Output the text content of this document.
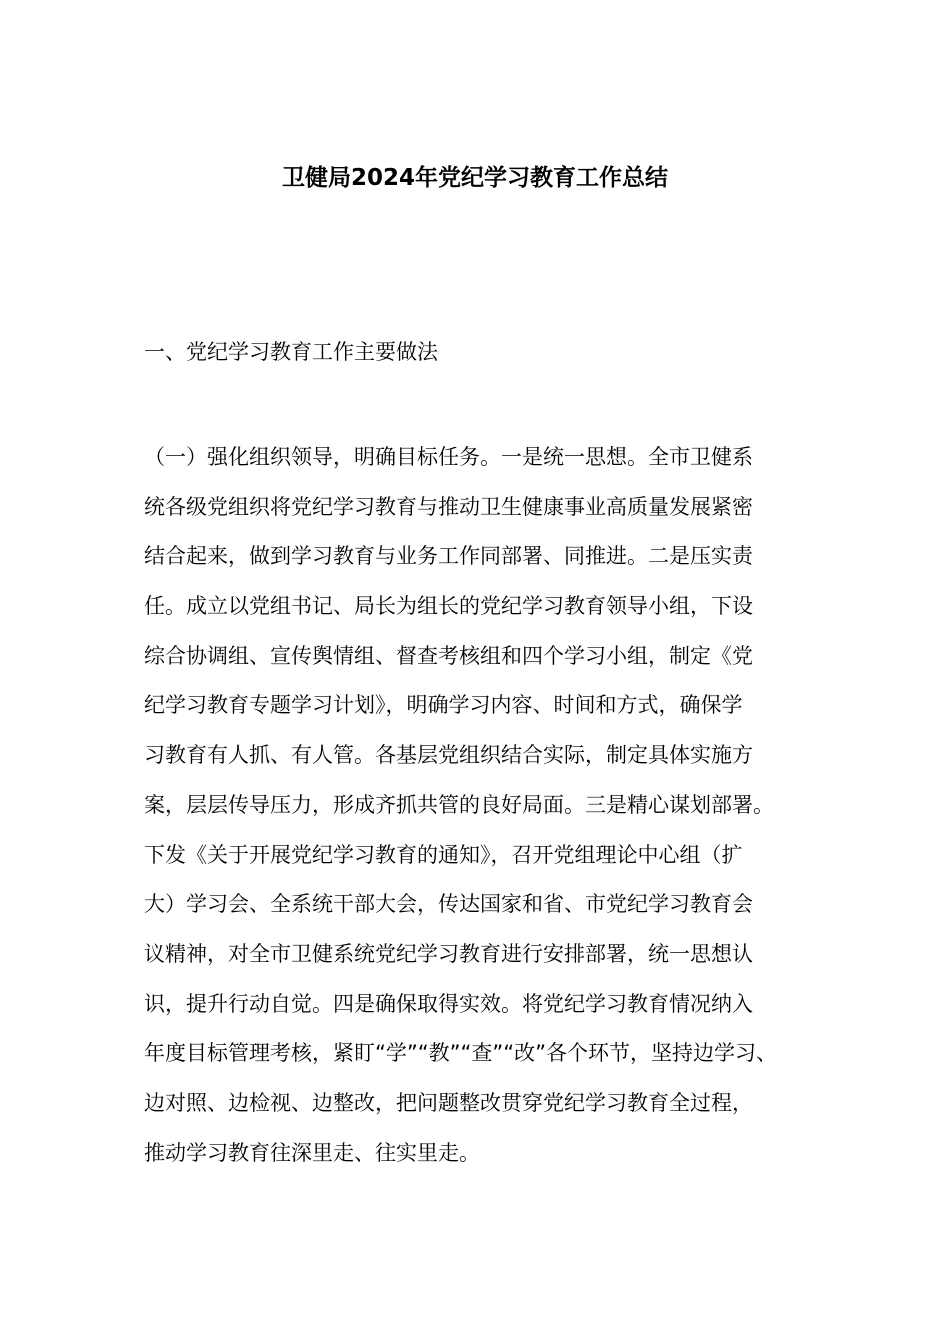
卫健局2024年党纪学习教育工作总结
一、党纪学习教育工作主要做法
（一）强化组织领导，明确目标任务。一是统一思想。全市卫健系
统各级党组织将党纪学习教育与推动卫生健康事业高质量发展紧密
结合起来，做到学习教育与业务工作同部署、同推进。二是压实责
任。成立以党组书记、局长为组长的党纪学习教育领导小组，下设
综合协调组、宣传舆情组、督查考核组和四个学习小组，制定《党
纪学习教育专题学习计划》，明确学习内容、时间和方式，确保学
习教育有人抓、有人管。各基层党组织结合实际，制定具体实施方
案，层层传导压力，形成齐抓共管的良好局面。三是精心谋划部署。
下发《关于开展党纪学习教育的通知》，召开党组理论中心组（扩
大）学习会、全系统干部大会，传达国家和省、市党纪学习教育会
议精神，对全市卫健系统党纪学习教育进行安排部署，统一思想认
识，提升行动自觉。四是确保取得实效。将党纪学习教育情况纳入
年度目标管理考核，紧盯“学”“教”“查”“改”各个环节，坚持边学习、
边对照、边检视、边整改，把问题整改贯穿党纪学习教育全过程，
推动学习教育往深里走、往实里走。
